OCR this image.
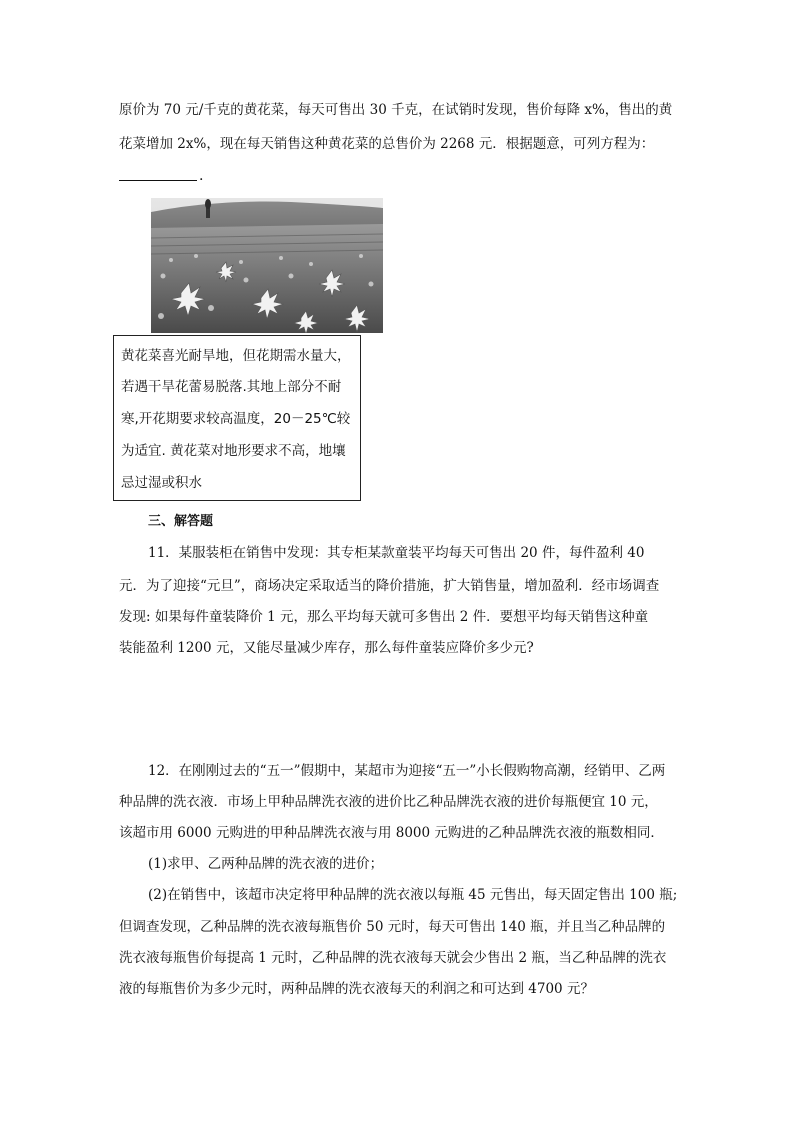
原价为 70 元/千克的黄花菜，每天可售出 30 千克，在试销时发现，售价每降 x%，售出的黄
花菜增加 2x%，现在每天销售这种黄花菜的总售价为 2268 元．根据题意，可列方程为：
.
黄花菜喜光耐旱地，但花期需水量大，
若遇干旱花蕾易脱落.其地上部分不耐
寒,开花期要求较高温度，20－25℃较
为适宜. 黄花菜对地形要求不高，地壤
忌过湿或积水
三、解答题
11．某服装柜在销售中发现：其专柜某款童装平均每天可售出 20 件，每件盈利 40
元．为了迎接“元旦”，商场决定采取适当的降价措施，扩大销售量，增加盈利．经市场调查
发现: 如果每件童装降价 1 元，那么平均每天就可多售出 2 件．要想平均每天销售这种童
装能盈利 1200 元，又能尽量减少库存，那么每件童装应降价多少元?
12．在刚刚过去的“五一”假期中，某超市为迎接“五一”小长假购物高潮，经销甲、乙两
种品牌的洗衣液．市场上甲种品牌洗衣液的进价比乙种品牌洗衣液的进价每瓶便宜 10 元，
该超市用 6000 元购进的甲种品牌洗衣液与用 8000 元购进的乙种品牌洗衣液的瓶数相同．
(1)求甲、乙两种品牌的洗衣液的进价；
(2)在销售中，该超市决定将甲种品牌的洗衣液以每瓶 45 元售出，每天固定售出 100 瓶;
但调查发现，乙种品牌的洗衣液每瓶售价 50 元时，每天可售出 140 瓶，并且当乙种品牌的
洗衣液每瓶售价每提高 1 元时，乙种品牌的洗衣液每天就会少售出 2 瓶，当乙种品牌的洗衣
液的每瓶售价为多少元时，两种品牌的洗衣液每天的利润之和可达到 4700 元？
